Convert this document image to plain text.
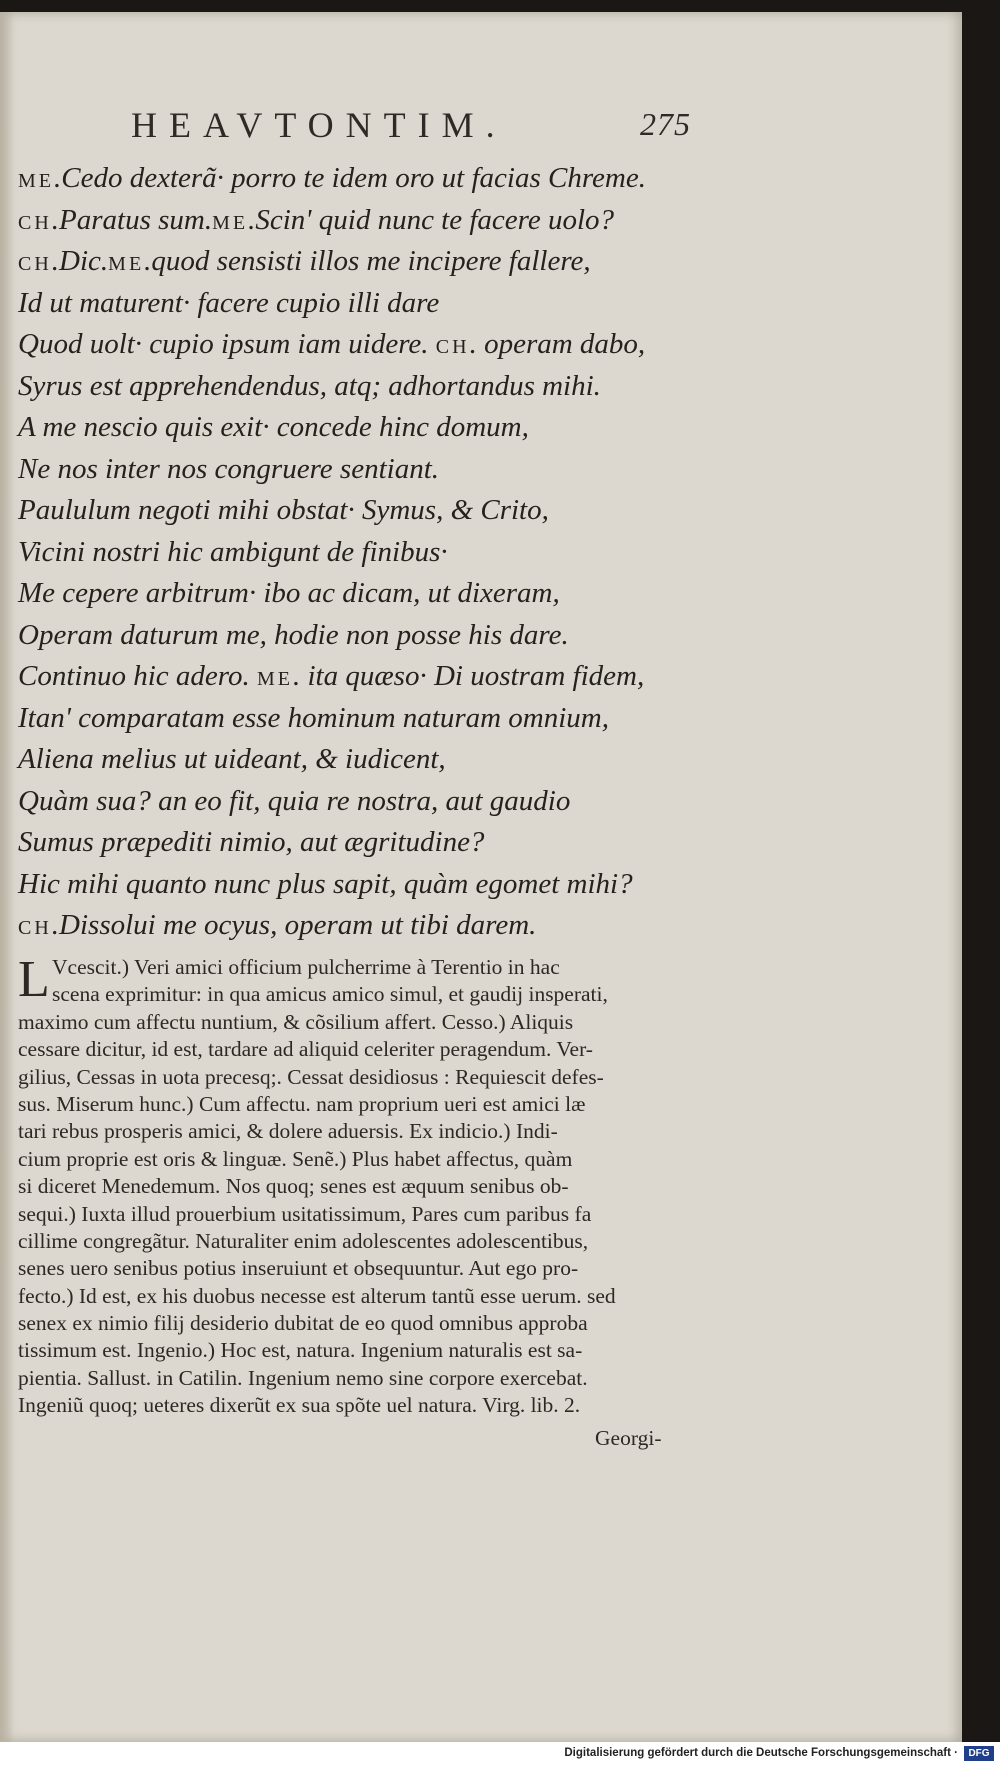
HEAVTONTIM.	275
ME.Cedo dexterã· porro te idem oro ut facias Chreme.
CH.Paratus sum.ME.Scin' quid nunc te facere uolo?
CH.Dic.ME.quod sensisti illos me incipere fallere,
Id ut maturent· facere cupio illi dare
Quod uolt· cupio ipsum iam uidere. CH. operam dabo,
Syrus est apprehendendus, atq; adhortandus mihi.
A me nescio quis exit· concede hinc domum,
Ne nos inter nos congruere sentiant.
Paululum negoti mihi obstat· Symus, & Crito,
Vicini nostri hic ambigunt de finibus·
Me cepere arbitrum· ibo ac dicam, ut dixeram,
Operam daturum me, hodie non posse his dare.
Continuo hic adero. ME. ita quæso· Di uostram fidem,
Itan' comparatam esse hominum naturam omnium,
Aliena melius ut uideant, & iudicent,
Quàm sua? an eo fit, quia re nostra, aut gaudio
Sumus præpediti nimio, aut ægritudine?
Hic mihi quanto nunc plus sapit, quàm egomet mihi?
CH.Dissolui me ocyus, operam ut tibi darem.
L Vcescit.) Veri amici officium pulcherrime à Terentio in hac
scena exprimitur: in qua amicus amico simul, et gaudij insperati,
maximo cum affectu nuntium, & cõsilium affert. Cesso.) Aliquis
cessare dicitur, id est, tardare ad aliquid celeriter peragendum. Ver-
gilius, Cessas in uota precesq;. Cessat desidiosus : Requiescit defes-
sus. Miserum hunc.) Cum affectu. nam proprium ueri est amici læ
tari rebus prosperis amici, & dolere aduersis. Ex indicio.) Indi-
cium proprie est oris & linguæ. Senẽ.) Plus habet affectus, quàm
si diceret Menedemum. Nos quoq; senes est æquum senibus ob-
sequi.) Iuxta illud prouerbium usitatissimum, Pares cum paribus fa
cillime congregãtur. Naturaliter enim adolescentes adolescentibus,
senes uero senibus potius inseruiunt et obsequuntur. Aut ego pro-
fecto.) Id est, ex his duobus necesse est alterum tantũ esse uerum. sed
senex ex nimio filij desiderio dubitat de eo quod omnibus approba
tissimum est. Ingenio.) Hoc est, natura. Ingenium naturalis est sa-
pientia. Sallust. in Catilin. Ingenium nemo sine corpore exercebat.
Ingeniũ quoq; ueteres dixerũt ex sua spõte uel natura. Virg. lib. 2.
Georgi-
Digitalisierung gefördert durch die Deutsche Forschungsgemeinschaft ·	DFG
